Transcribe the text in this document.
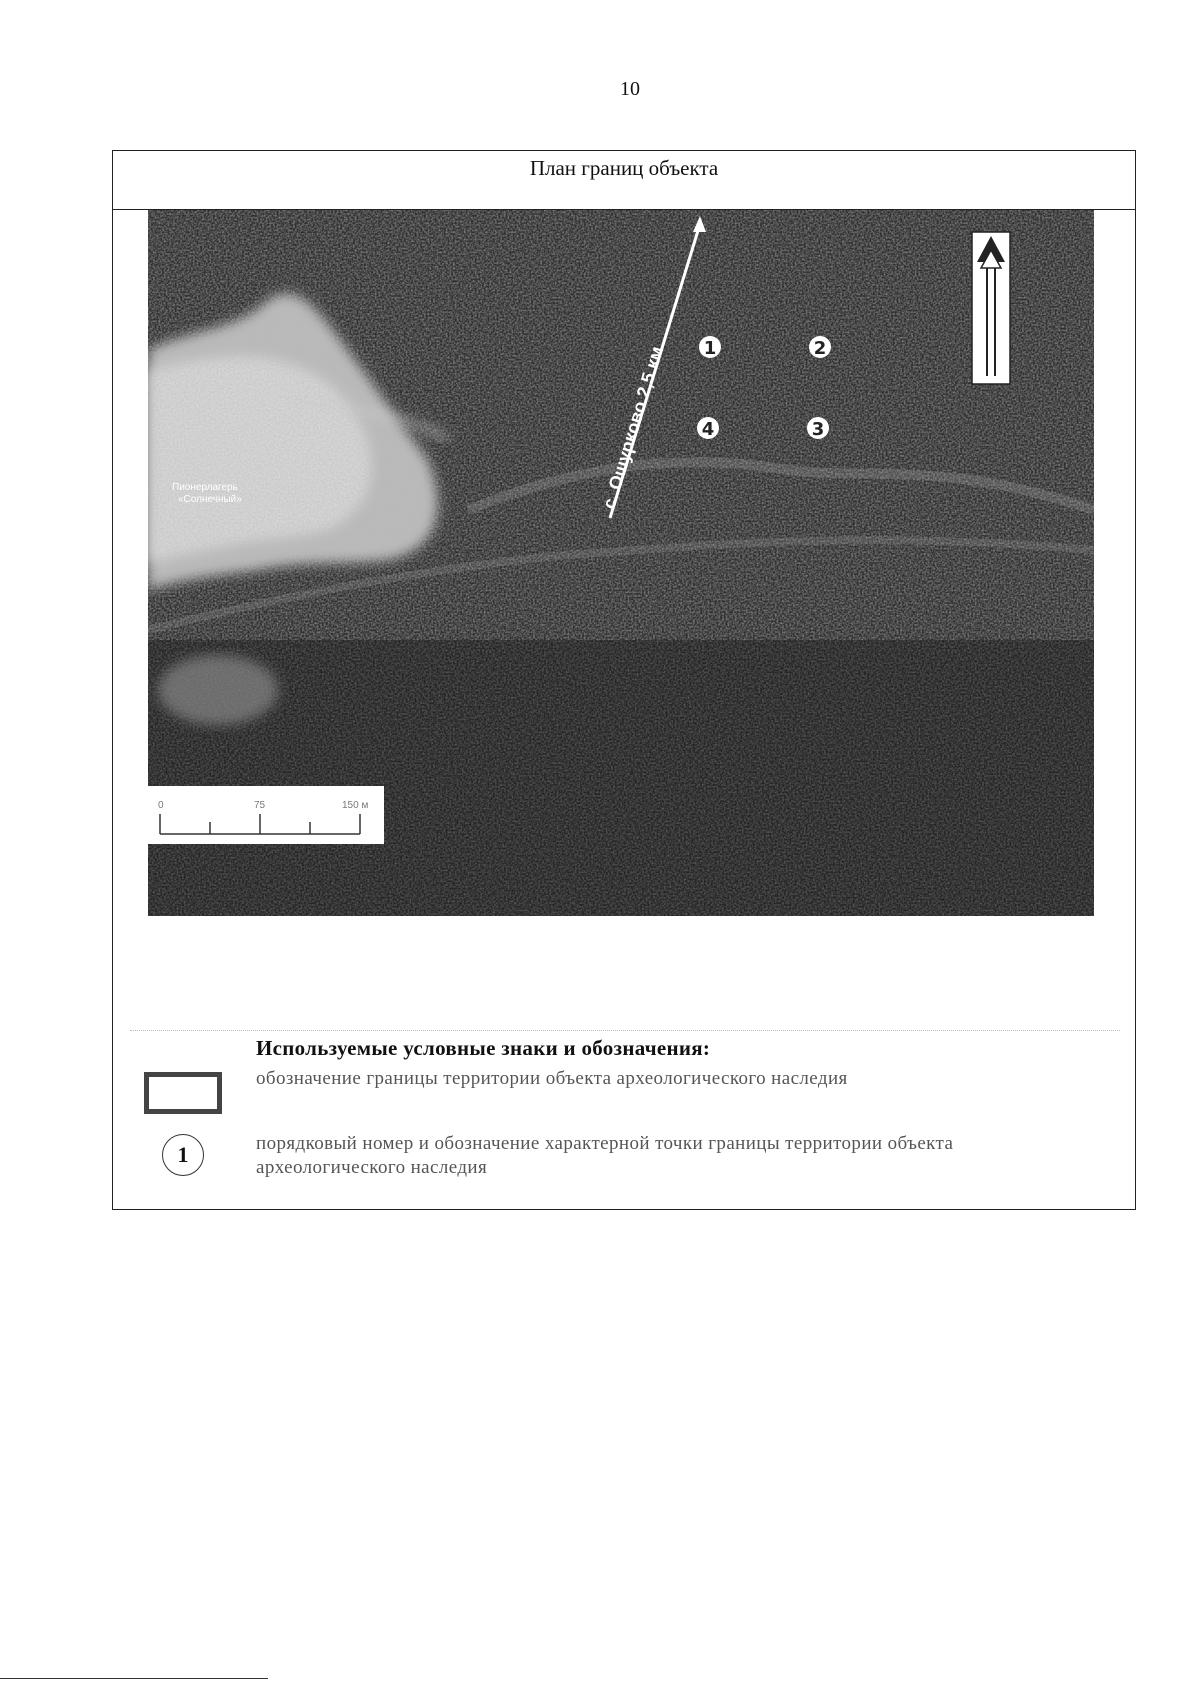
10
План границ объекта
Пионерлагерь
«Солнечный»	с. Ошурково 2,5 км 1	2
3
4
0	75	150 м
Используемые условные знаки и обозначения:
обозначение границы территории объекта археологического наследия
1	порядковый номер и обозначение характерной точки границы территории объекта археологического наследия
